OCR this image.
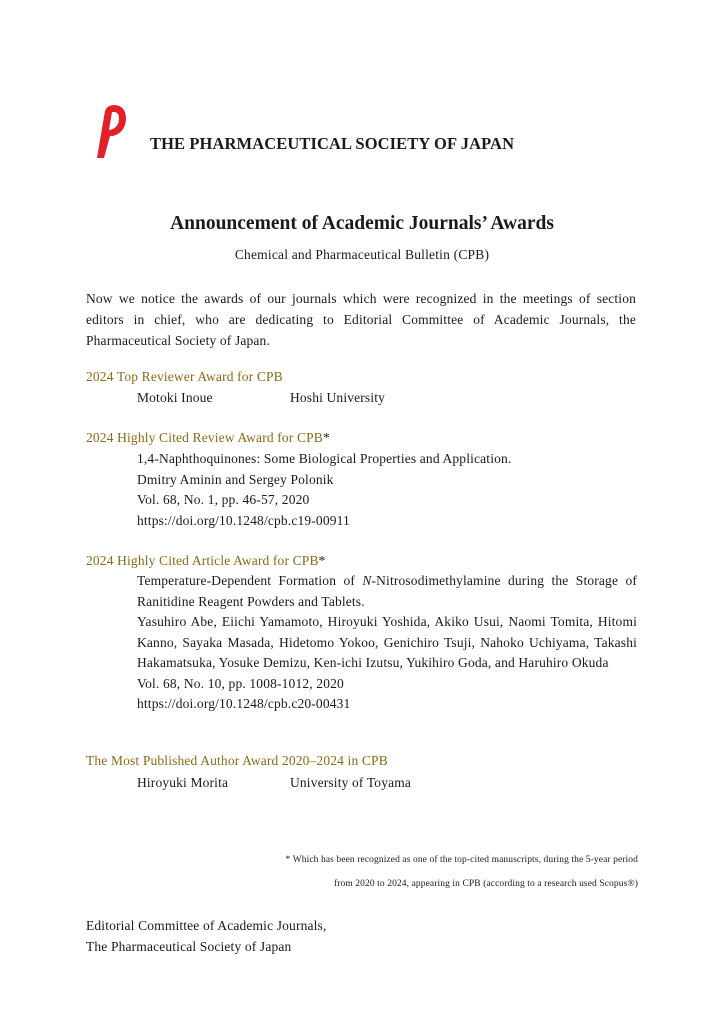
THE PHARMACEUTICAL SOCIETY OF JAPAN
Announcement of Academic Journals’ Awards
Chemical and Pharmaceutical Bulletin (CPB)
Now we notice the awards of our journals which were recognized in the meetings of section editors in chief, who are dedicating to Editorial Committee of Academic Journals, the Pharmaceutical Society of Japan.
2024 Top Reviewer Award for CPB
Motoki Inoue	Hoshi University
2024 Highly Cited Review Award for CPB*
1,4-Naphthoquinones: Some Biological Properties and Application.
Dmitry Aminin and Sergey Polonik
Vol. 68, No. 1, pp. 46-57, 2020
https://doi.org/10.1248/cpb.c19-00911
2024 Highly Cited Article Award for CPB*
Temperature-Dependent Formation of N-Nitrosodimethylamine during the Storage of Ranitidine Reagent Powders and Tablets.
Yasuhiro Abe, Eiichi Yamamoto, Hiroyuki Yoshida, Akiko Usui, Naomi Tomita, Hitomi Kanno, Sayaka Masada, Hidetomo Yokoo, Genichiro Tsuji, Nahoko Uchiyama, Takashi Hakamatsuka, Yosuke Demizu, Ken-ichi Izutsu, Yukihiro Goda, and Haruhiro Okuda
Vol. 68, No. 10, pp. 1008-1012, 2020
https://doi.org/10.1248/cpb.c20-00431
The Most Published Author Award 2020–2024 in CPB
Hiroyuki Morita	University of Toyama
* Which has been recognized as one of the top-cited manuscripts, during the 5-year period
from 2020 to 2024, appearing in CPB (according to a research used Scopus®)
Editorial Committee of Academic Journals,
The Pharmaceutical Society of Japan
